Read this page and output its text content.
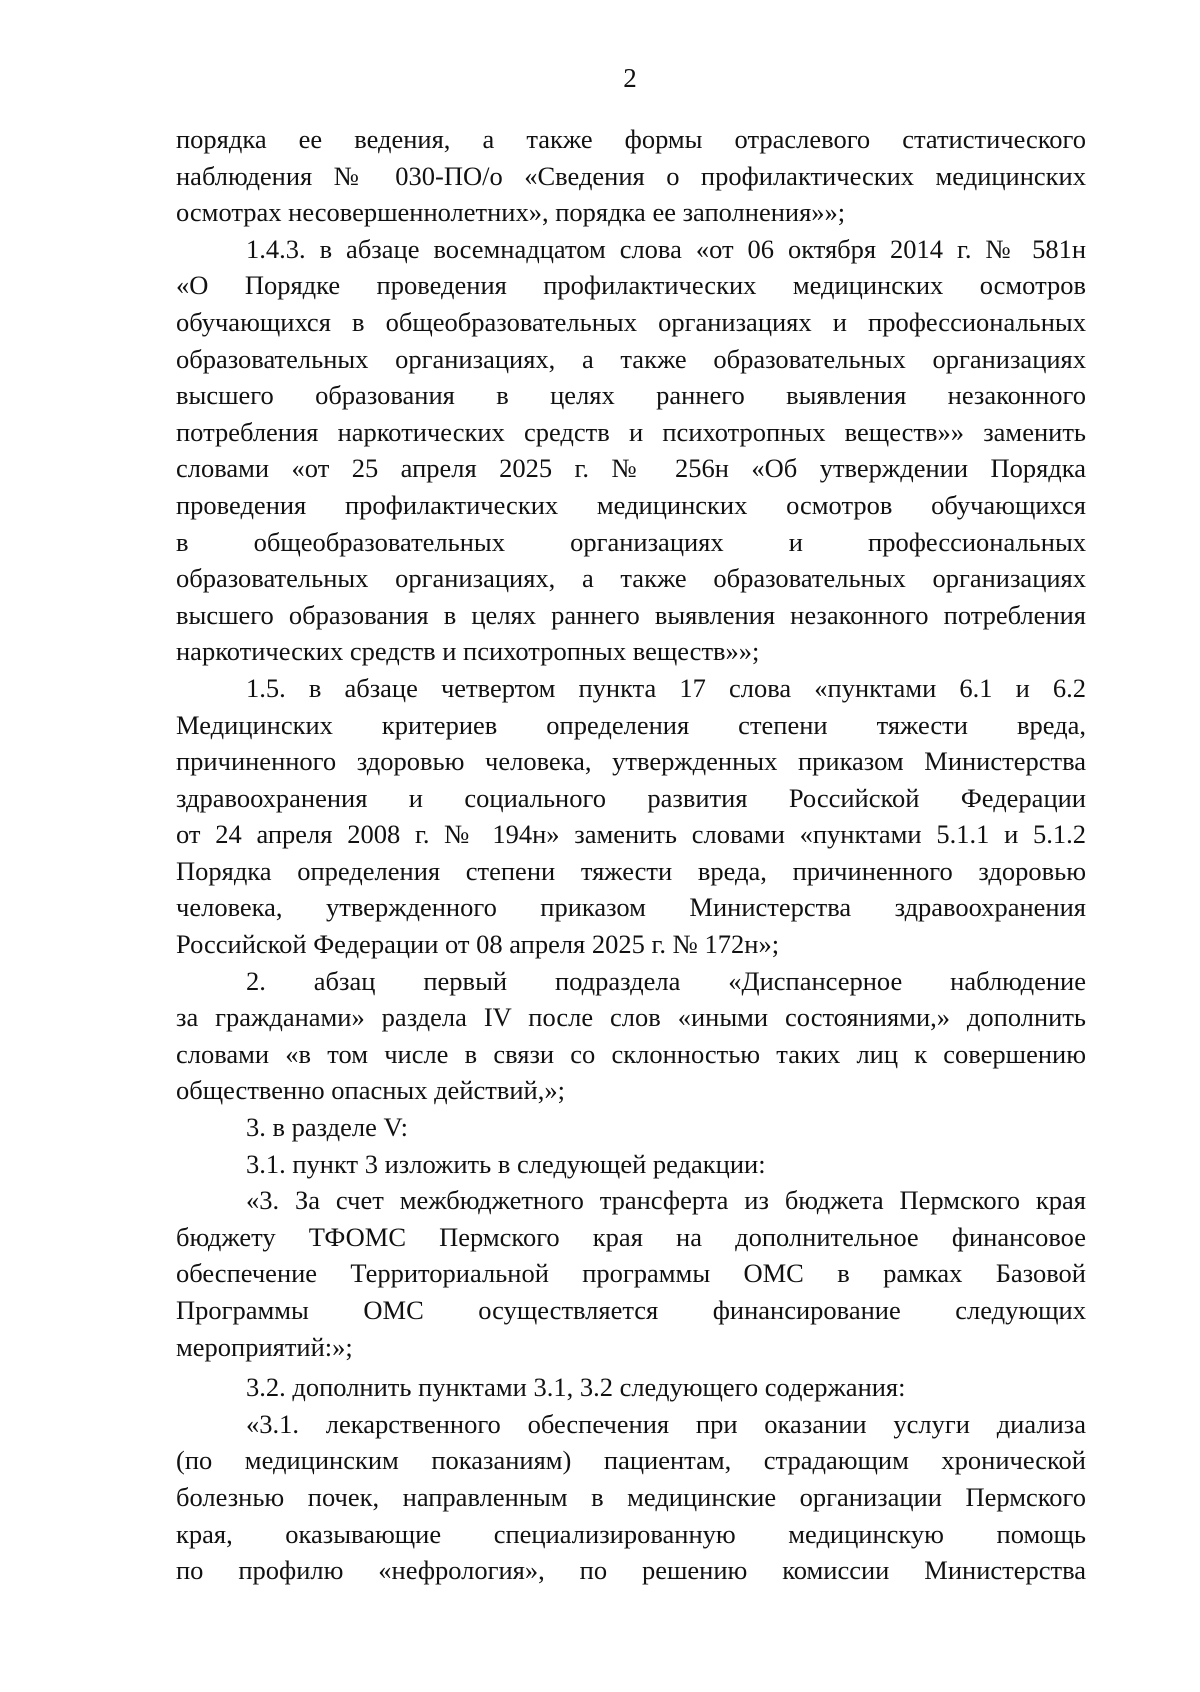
2
порядка ее ведения, а также формы отраслевого статистического
наблюдения № 030-ПО/о «Сведения о профилактических медицинских
осмотрах несовершеннолетних», порядка ее заполнения»»;
1.4.3. в абзаце восемнадцатом слова «от 06 октября 2014 г. № 581н
«О Порядке проведения профилактических медицинских осмотров
обучающихся в общеобразовательных организациях и профессиональных
образовательных организациях, а также образовательных организациях
высшего образования в целях раннего выявления незаконного
потребления наркотических средств и психотропных веществ»» заменить
словами «от 25 апреля 2025 г. № 256н «Об утверждении Порядка
проведения профилактических медицинских осмотров обучающихся
в общеобразовательных организациях и профессиональных
образовательных организациях, а также образовательных организациях
высшего образования в целях раннего выявления незаконного потребления
наркотических средств и психотропных веществ»»;
1.5. в абзаце четвертом пункта 17 слова «пунктами 6.1 и 6.2
Медицинских критериев определения степени тяжести вреда,
причиненного здоровью человека, утвержденных приказом Министерства
здравоохранения и социального развития Российской Федерации
от 24 апреля 2008 г. № 194н» заменить словами «пунктами 5.1.1 и 5.1.2
Порядка определения степени тяжести вреда, причиненного здоровью
человека, утвержденного приказом Министерства здравоохранения
Российской Федерации от 08 апреля 2025 г. № 172н»;
2. абзац первый подраздела «Диспансерное наблюдение
за гражданами» раздела IV после слов «иными состояниями,» дополнить
словами «в том числе в связи со склонностью таких лиц к совершению
общественно опасных действий,»;
3. в разделе V:
3.1. пункт 3 изложить в следующей редакции:
«3. За счет межбюджетного трансферта из бюджета Пермского края
бюджету ТФОМС Пермского края на дополнительное финансовое
обеспечение Территориальной программы ОМС в рамках Базовой
Программы ОМС осуществляется финансирование следующих
мероприятий:»;
3.2. дополнить пунктами 3.1, 3.2 следующего содержания:
«3.1. лекарственного обеспечения при оказании услуги диализа
(по медицинским показаниям) пациентам, страдающим хронической
болезнью почек, направленным в медицинские организации Пермского
края, оказывающие специализированную медицинскую помощь
по профилю «нефрология», по решению комиссии Министерства
